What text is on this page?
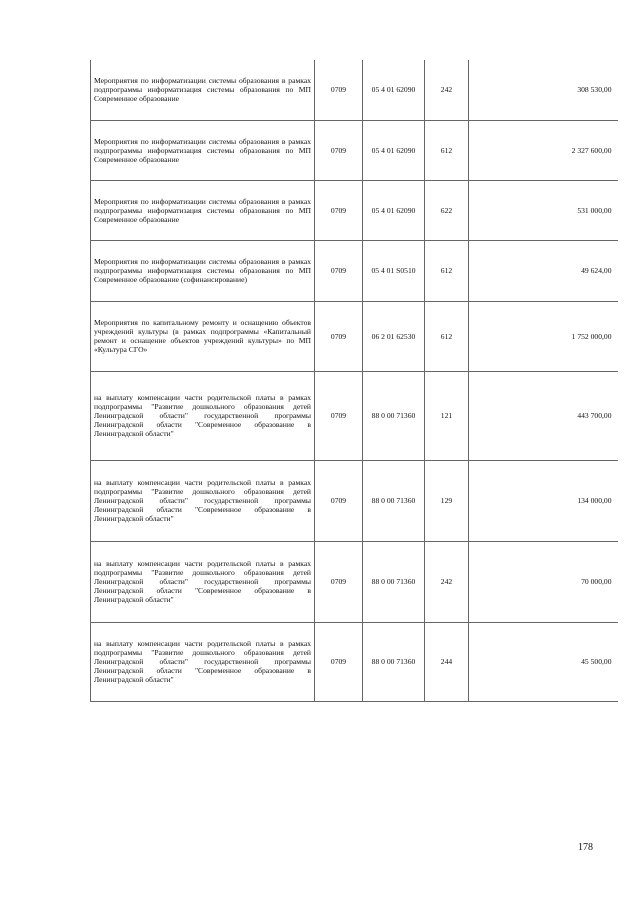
Мероприятия по информатизации системы образования в рамках подпрограммы информатизация системы образования по МП Современное образование	0709	05 4 01 62090	242	308 530,00
Мероприятия по информатизации системы образования в рамках подпрограммы информатизация системы образования по МП Современное образование	0709	05 4 01 62090	612	2 327 600,00
Мероприятия по информатизации системы образования в рамках подпрограммы информатизация системы образования по МП Современное образование	0709	05 4 01 62090	622	531 000,00
Мероприятия по информатизации системы образования в рамках подпрограммы информатизация системы образования по МП Современное образование (софинансирование)	0709	05 4 01 S0510	612	49 624,00
Мероприятия по капитальному ремонту и оснащению объектов учреждений культуры (в рамках подпрограммы «Капитальный ремонт и оснащение объектов учреждений культуры» по МП «Культура СГО»	0709	06 2 01 62530	612	1 752 000,00
на выплату компенсации части родительской платы в рамках подпрограммы "Развитие дошкольного образования детей Ленинградской области" государственной программы Ленинградской области "Современное образование в Ленинградской области"	0709	88 0 00 71360	121	443 700,00
на выплату компенсации части родительской платы в рамках подпрограммы "Развитие дошкольного образования детей Ленинградской области" государственной программы Ленинградской области "Современное образование в Ленинградской области"	0709	88 0 00 71360	129	134 000,00
на выплату компенсации части родительской платы в рамках подпрограммы "Развитие дошкольного образования детей Ленинградской области" государственной программы Ленинградской области "Современное образование в Ленинградской области"	0709	88 0 00 71360	242	70 000,00
на выплату компенсации части родительской платы в рамках подпрограммы "Развитие дошкольного образования детей Ленинградской области" государственной программы Ленинградской области "Современное образование в Ленинградской области"	0709	88 0 00 71360	244	45 500,00
178
